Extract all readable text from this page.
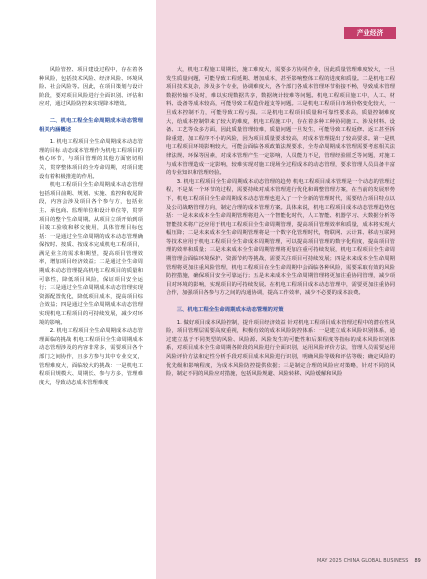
产业经济

风险管控、项目建设过程中，存在着各种风险，包括技术风险、经济风险、环境风险、社会风险等。因此，在项目策划与设计阶段，要对项目风险进行全面识别、评估和应对，通过风险防控来实现降本增效。

二、机电工程全生命周期成本动态管理相关内涵概述

1. 机电工程项目全生命周期成本动态管理的目标 动态成本管理作为机电工程项目的核心环节，与项目管理的其他方面密切相关，贯穿整体项目的全寿命周期，对项目建设有着积极推进的作用。

机电工程项目全生命周期成本动态管理包括项目前期、规划、实施、监控和收尾阶段，内容会涉及项目各个参与方，包括业主、承包商、监理单位和设计单位等，贯穿项目的整个生命周期。从项目立项开始到项目竣工验收和移交使用，具体管理目标包括：一是通过全生命周期的成本动态管理确保按时、按质、按成本完成机电工程项目，满足业主的需求和期望，提高项目管理效率，增加项目经济效益；二是通过全生命周期成本动态管理提高机电工程项目的质量和可靠性，降低项目风险，保证项目安全运行；三是通过全生命周期成本动态管理实现资源配置优化，降低项目成本，提高项目综合效益；四是通过全生命周期成本动态管理实现机电工程项目的可持续发展，减少对环境的影响。

2. 机电工程项目全生命周期成本动态管理面临的挑战 机电工程项目全生命周期成本动态管理涉及的内容非常多，需要项目各个部门之间协作，且多方参与其中专业交叉，管理难度大，面临较大的挑战：一是机电工程项目规模大、周期长、参与方多，管理难度大，导致动态成本管理难度

大，机电工程施工周期长，施工难度大，需要多方协同作业，因此质量管理难度较大，一旦发生质量问题，可能导致工程延期、增加成本，甚至影响整体工程的进度和质量。二是机电工程项目技术复杂，涉及多个专业，协调难度大，各个部门各成本管理环节衔接不畅，导致成本管理数据传输不及时，难以实现数据共享，数据统计较难等问题。机电工程项目施工中，人工、材料、设备等成本较高，可能导致工程造价超支等问题。三是机电工程项目市场价格变化较大，一旦成本控制不力，可能导致工程亏损。三是机电工程项目质量和可靠性要求高，质量控制难度大，给成本控制带来了较大的难度，机电工程施工中，存在着多种工种协同施工、涉及材料、设备、工艺等众多方面，因此质量管理较难，质量问题一旦发生，可能导致工程返修、返工甚至拆除重建，加工程序不小的风险，因为项目质量要求较高，对成本管理提出了较高要求。第一是机电工程项目环境影响较大，可能会面临各项政策法规要求，全寿命周期成本管理需要考虑相关法律法规、环保等因素，对成本管理产生一定影响，人员能力不足，管理经验匮乏等问题，对施工与成本管理造成一定影响，较难实现对施工现场全过程成本的动态管理，要求管理人员具备丰富的专业知识和管理经验。

3. 机电工程项目全生命周期成本动态管理的趋势 机电工程项目成本管理是一个动态的管理过程，不是某一个环节的过程，需要持续对成本管理进行优化和调整管理方案，在当前的发展形势下，机电工程项目全生命周期成本动态管理也进入了一个全新的管理时代，需要结合项目特点以及公司战略管理方向，制定合理的成本管理方案。具体来说，机电工程项目成本动态管理趋势包括：一是未来成本全生命周期管理将进入一个智能化时代，人工智能、机器学习、大数据分析等智能技术将广泛应用于机电工程项目全生命周期管理，提高项目管理效率和质量，成本将实现大幅压降；二是未来成本全生命周期管理将是一个数字化管理时代，物联网、云计算、移动互联网等技术应用于机电工程项目全生命成本周期管理，可以提高项目管理的数字化程度，提高项目管理的效率和质量；三是未来成本全生命周期管理将更加注重可持续发展，机电工程项目全生命周期管理会面临环境保护、资源节约等挑战，需要关注项目可持续发展；四是未来成本全生命周期管理将更加注重风险管理，机电工程项目在全生命周期中会面临各种风险，需要采取有效的风险防控措施，确保项目安全可靠运行；五是未来成本全生命周期管理将更加注重协同管理，减少项目对环境的影响，实现项目的可持续发展。在机电工程项目成本动态管理中，需要更加注重协同合作，加强项目各参与方之间的沟通协调，提高工作效率，减少不必要的成本浪费。

三、机电工程全生命周期成本动态管理的对策

1. 做好项目成本风险控制，提升项目经济效益 针对机电工程项目成本管理过程中的潜在性风险，项目管理层需要高度重视，积极有效的成本风险防控体系：一是建立成本风险识别体系，通过建立基于不同类型的风险、风险源、风险发生的可能性和后果程度等指标的成本风险识别体系，对项目成本全生命周期各阶段的风险进行全面识别，运用风险评价方法，管理人员需要运用风险评价方法和定性分析手段对项目成本风险进行识别，明确风险等级和评估等级；确定风险的优先级和影响程度，为成本风险防控提供依据；三是制定合理的风险应对策略，针对不同的风险，制定不同的风险应对措施，包括风险规避、风险转移、风险缓解和风险

MAY 2025 CHINA GLOBAL BUSINESS 89
